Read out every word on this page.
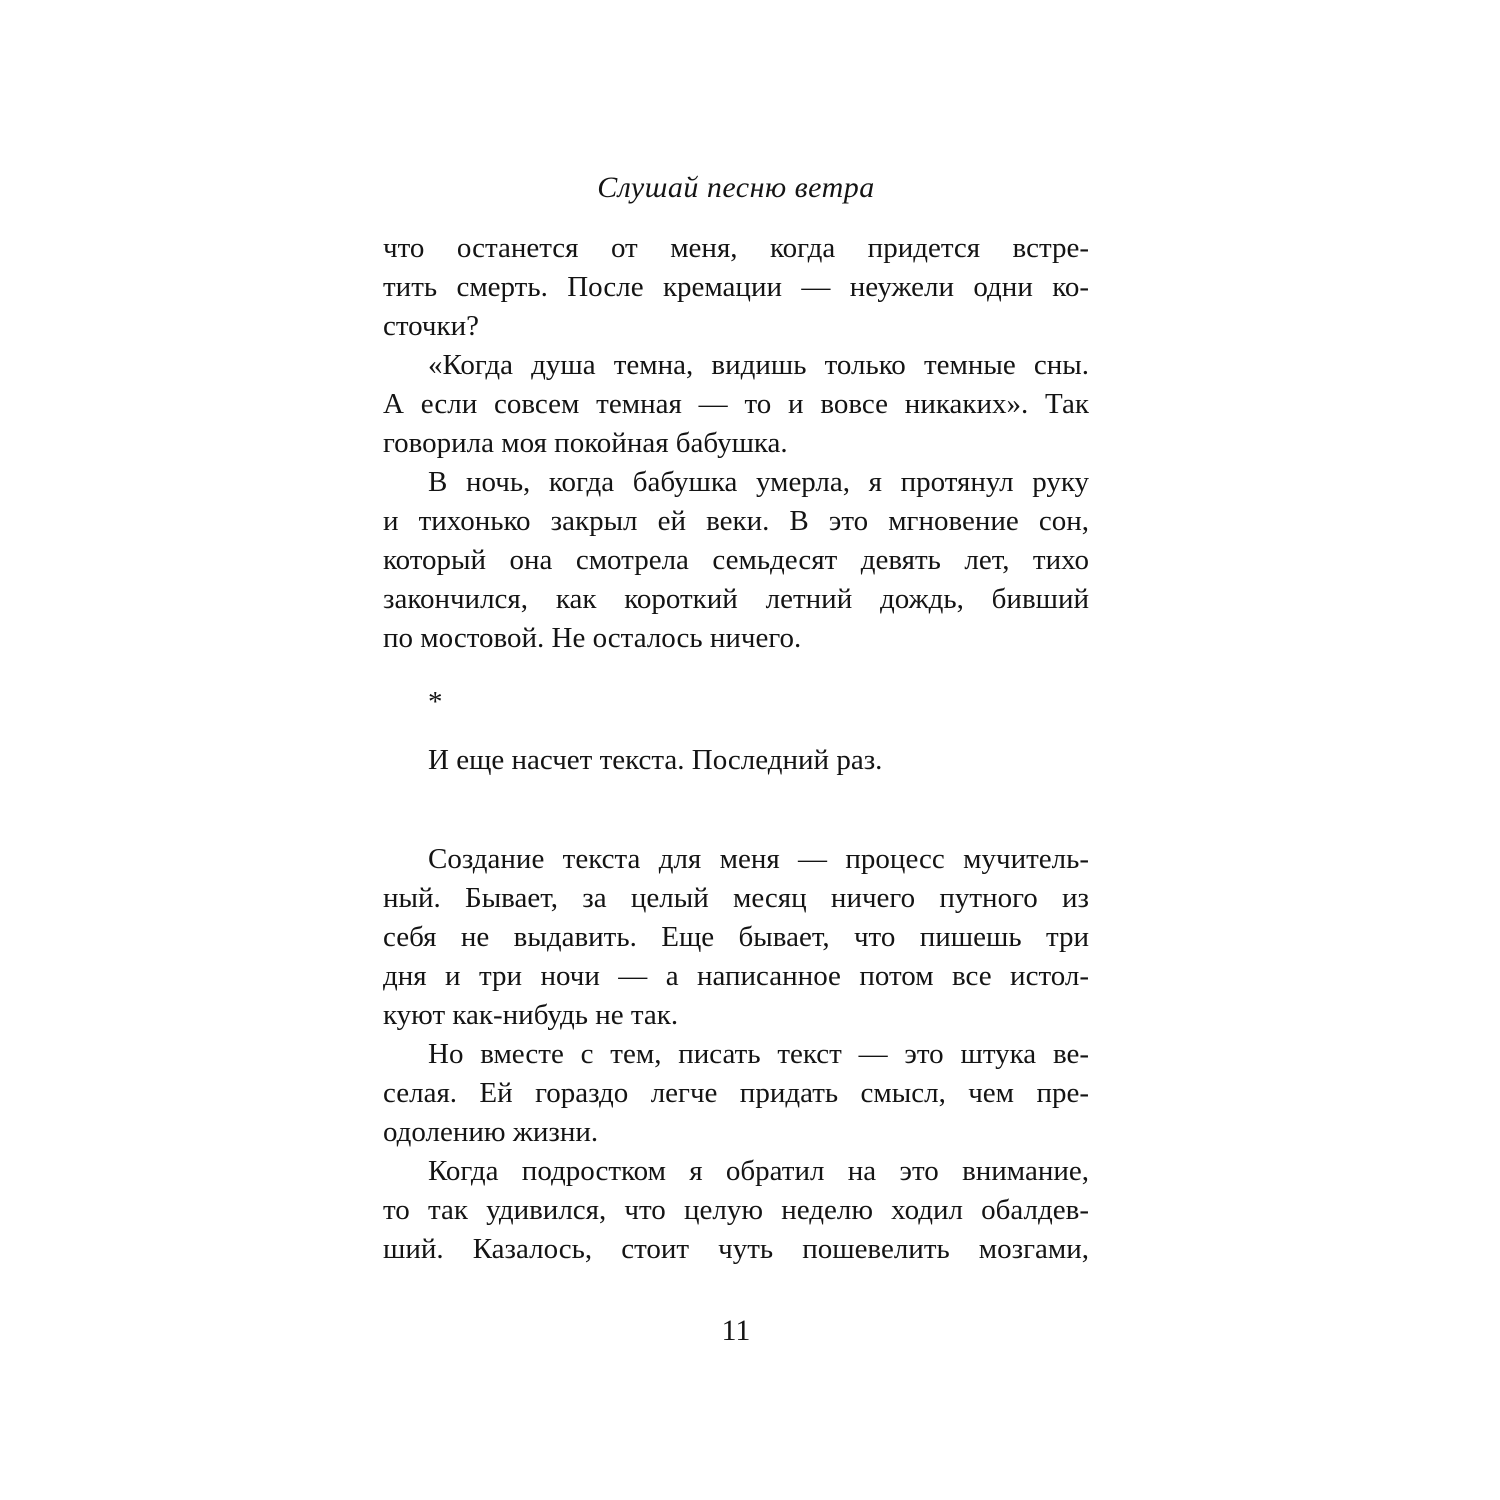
Слушай песню ветра
что останется от меня, когда придется встре-
тить смерть. После кремации — неужели одни ко-
сточки?
«Когда душа темна, видишь только темные сны.
А если совсем темная — то и вовсе никаких». Так
говорила моя покойная бабушка.
В ночь, когда бабушка умерла, я протянул руку
и тихонько закрыл ей веки. В это мгновение сон,
который она смотрела семьдесят девять лет, тихо
закончился, как короткий летний дождь, бивший
по мостовой. Не осталось ничего.
*
И еще насчет текста. Последний раз.
Создание текста для меня — процесс мучитель-
ный. Бывает, за целый месяц ничего путного из
себя не выдавить. Еще бывает, что пишешь три
дня и три ночи — а написанное потом все истол-
куют как-нибудь не так.
Но вместе с тем, писать текст — это штука ве-
селая. Ей гораздо легче придать смысл, чем пре-
одолению жизни.
Когда подростком я обратил на это внимание,
то так удивился, что целую неделю ходил обалдев-
ший. Казалось, стоит чуть пошевелить мозгами,
11
